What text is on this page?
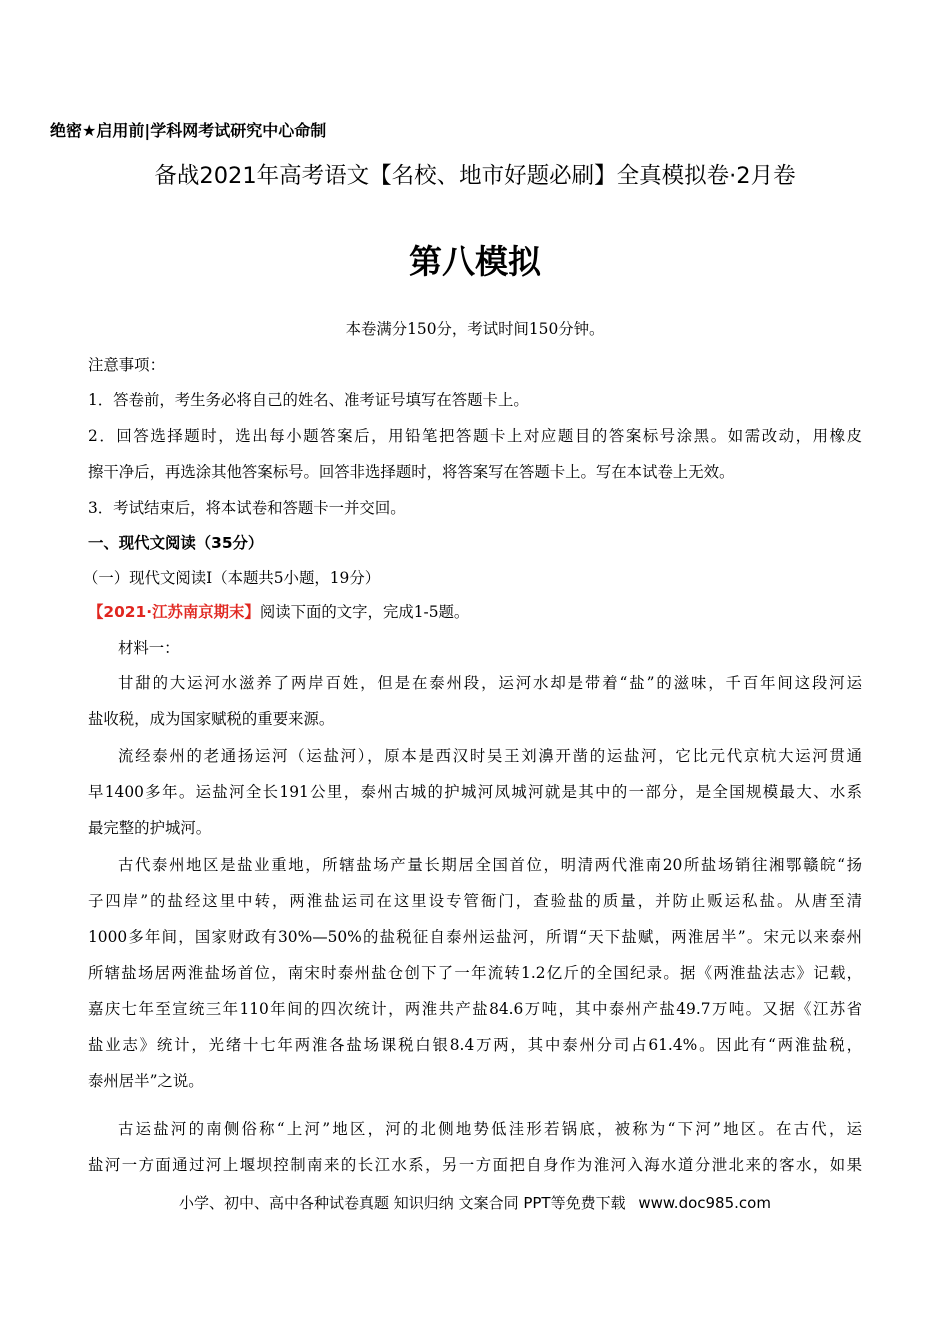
绝密★启用前|学科网考试研究中心命制
备战2021年高考语文【名校、地市好题必刷】全真模拟卷·2月卷
第八模拟
本卷满分150分，考试时间150分钟。
注意事项：
1．答卷前，考生务必将自己的姓名、准考证号填写在答题卡上。
2．回答选择题时，选出每小题答案后，用铅笔把答题卡上对应题目的答案标号涂黑。如需改动，用橡皮
擦干净后，再选涂其他答案标号。回答非选择题时，将答案写在答题卡上。写在本试卷上无效。
3．考试结束后，将本试卷和答题卡一并交回。
一、现代文阅读（35分）
（一）现代文阅读Ⅰ（本题共5小题，19分）
【2021·江苏南京期末】阅读下面的文字，完成1-5题。
材料一：
甘甜的大运河水滋养了两岸百姓，但是在泰州段，运河水却是带着“盐”的滋味，千百年间这段河运
盐收税，成为国家赋税的重要来源。
流经泰州的老通扬运河（运盐河），原本是西汉时吴王刘濞开凿的运盐河，它比元代京杭大运河贯通
早1400多年。运盐河全长191公里，泰州古城的护城河凤城河就是其中的一部分，是全国规模最大、水系
最完整的护城河。
古代泰州地区是盐业重地，所辖盐场产量长期居全国首位，明清两代淮南20所盐场销往湘鄂赣皖“扬
子四岸”的盐经这里中转，两淮盐运司在这里设专管衙门，查验盐的质量，并防止贩运私盐。从唐至清
1000多年间，国家财政有30%—50%的盐税征自泰州运盐河，所谓“天下盐赋，两淮居半”。宋元以来泰州
所辖盐场居两淮盐场首位，南宋时泰州盐仓创下了一年流转1.2亿斤的全国纪录。据《两淮盐法志》记载，
嘉庆七年至宣统三年110年间的四次统计，两淮共产盐84.6万吨，其中泰州产盐49.7万吨。又据《江苏省
盐业志》统计，光绪十七年两淮各盐场课税白银8.4万两，其中泰州分司占61.4%。因此有“两淮盐税，
泰州居半”之说。
古运盐河的南侧俗称“上河”地区，河的北侧地势低洼形若锅底，被称为“下河”地区。在古代，运
盐河一方面通过河上堰坝控制南来的长江水系，另一方面把自身作为淮河入海水道分泄北来的客水，如果
小学、初中、高中各种试卷真题 知识归纳 文案合同 PPT等免费下载 www.doc985.com
